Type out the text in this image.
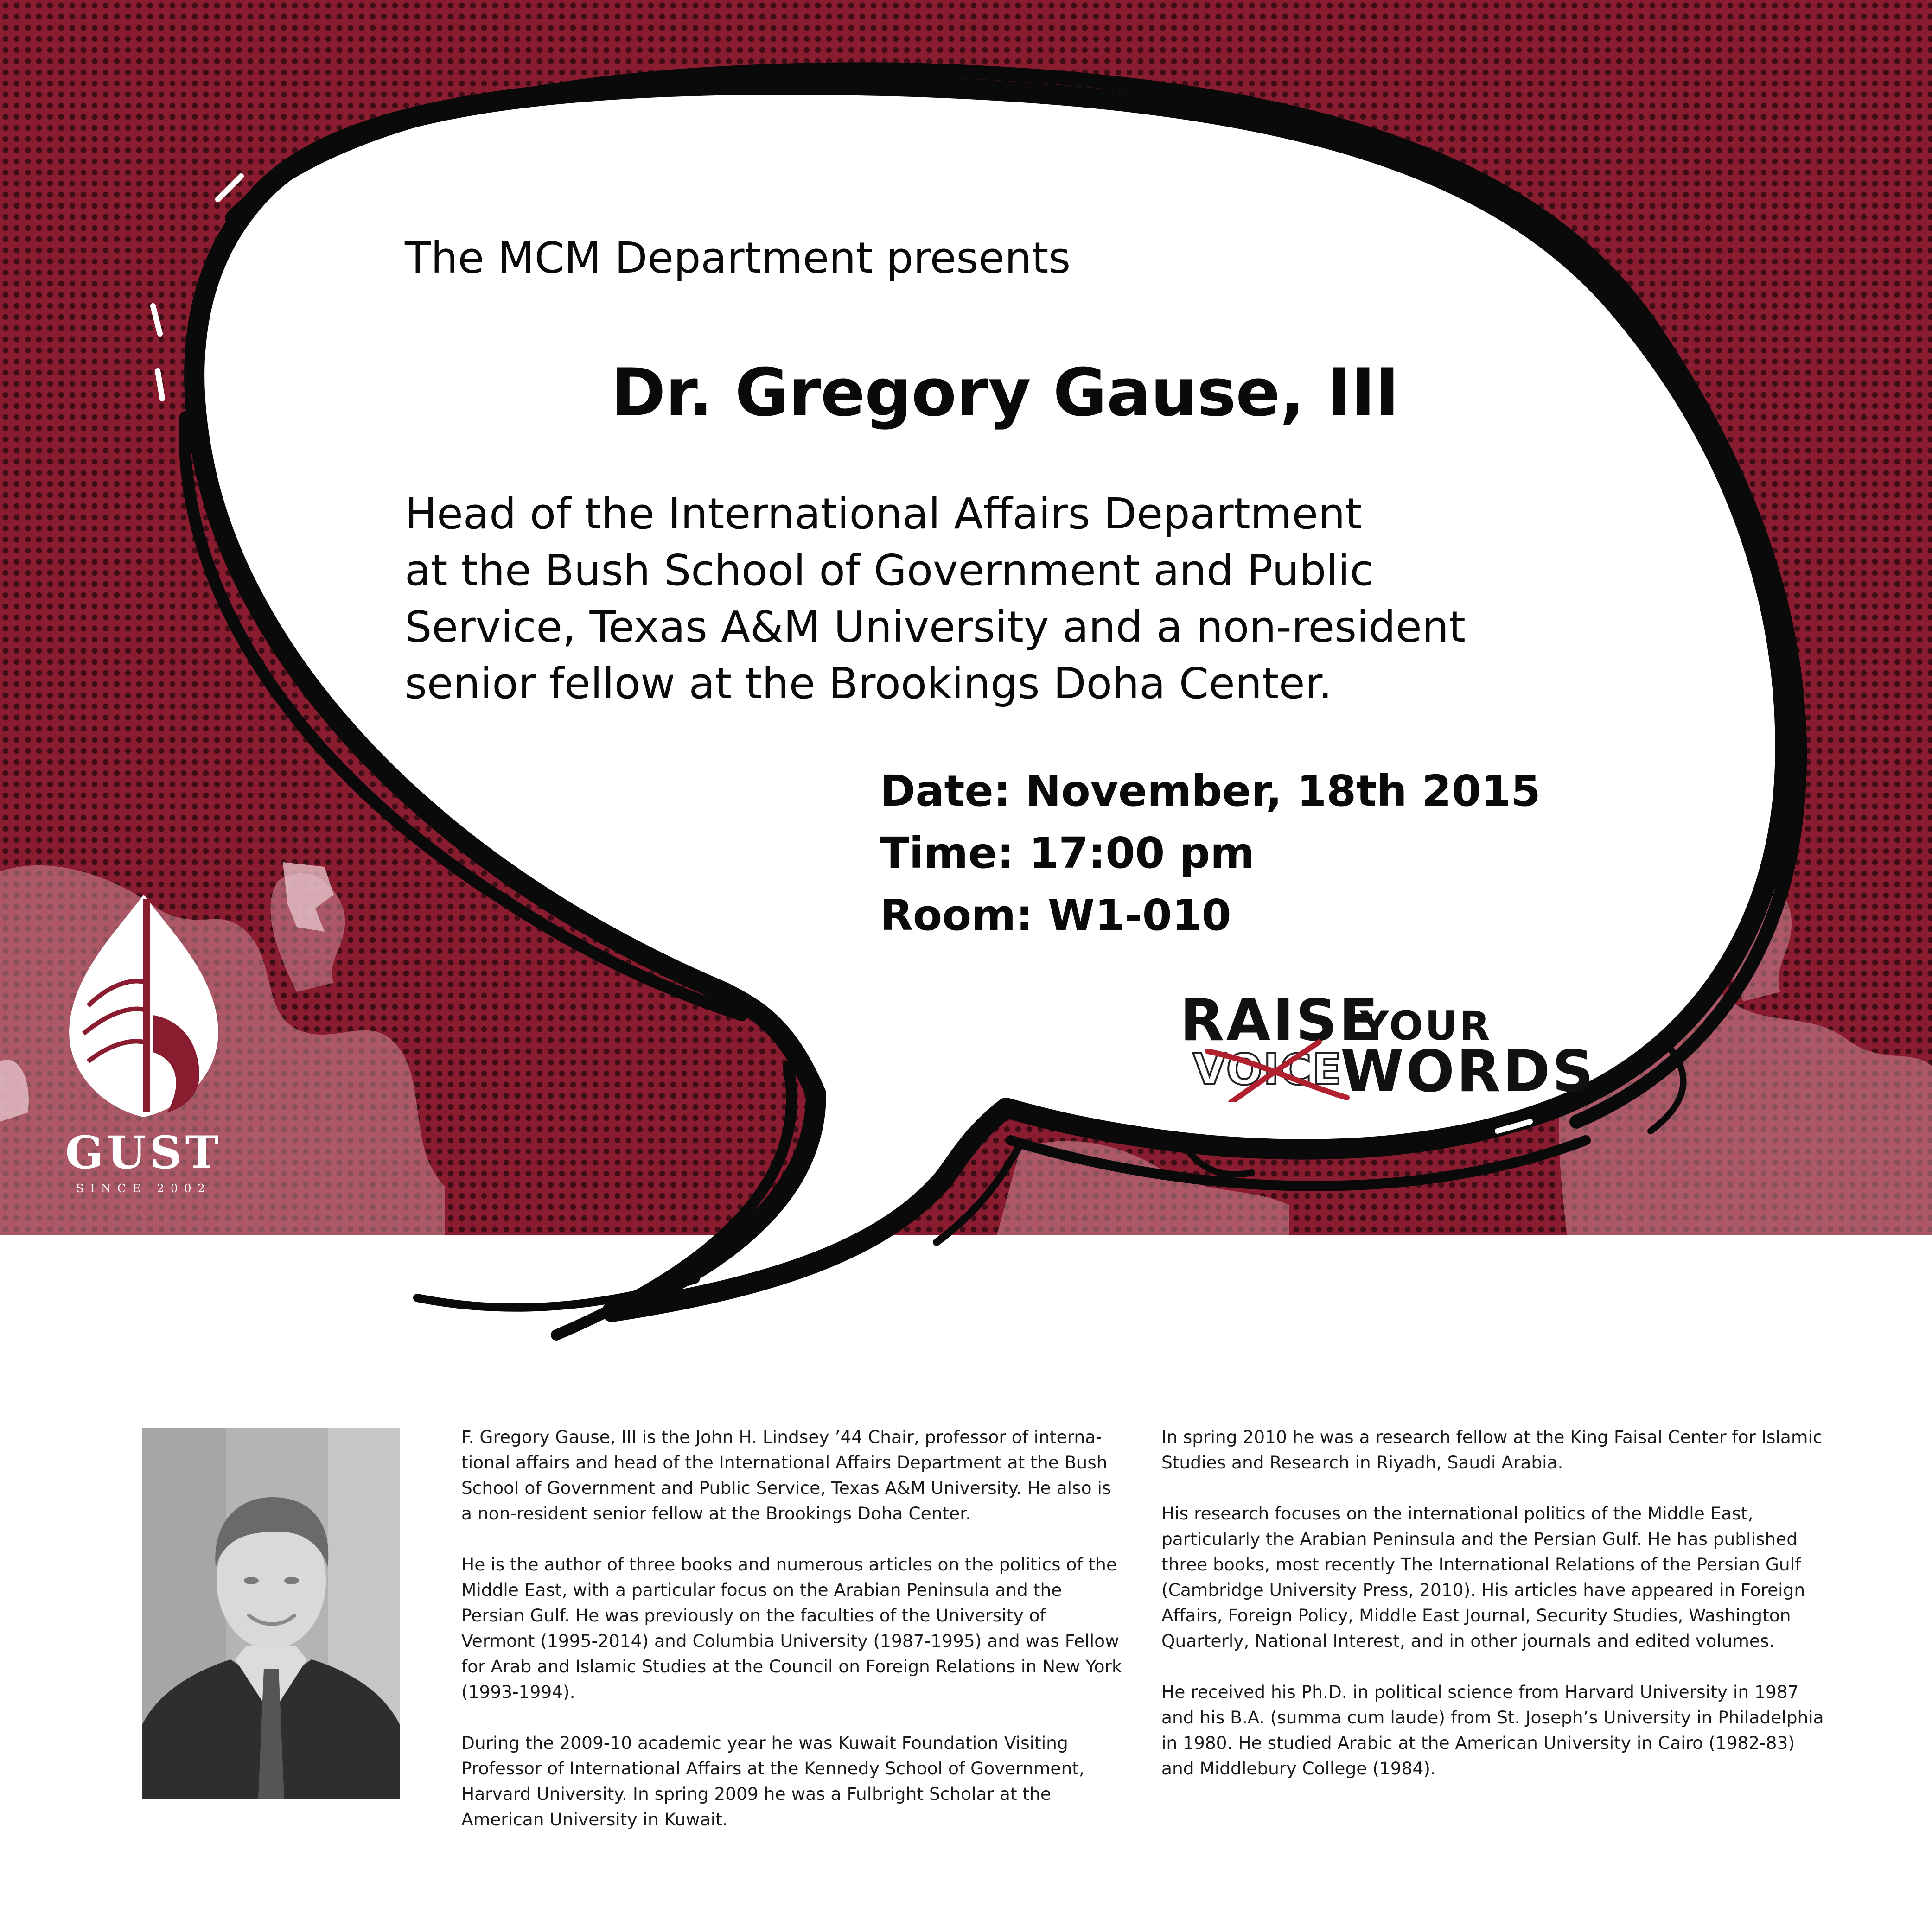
The MCM Department presents
Dr. Gregory Gause, III
Head of the International Affairs Department
at the Bush School of Government and Public
Service, Texas A&M University and a non-resident
senior fellow at the Brookings Doha Center.
Date: November, 18th 2015
Time: 17:00 pm
Room: W1-010
RAISE
YOUR
VOICE
WORDS
GUST
SINCE 2002

F. Gregory Gause, III is the John H. Lindsey ’44 Chair, professor of interna-tional affairs and head of the International Affairs Department at the Bush School of Government and Public Service, Texas A&M University. He also is a non-resident senior fellow at the Brookings Doha Center.

He is the author of three books and numerous articles on the politics of the Middle East, with a particular focus on the Arabian Peninsula and the Persian Gulf. He was previously on the faculties of the University of Vermont (1995-2014) and Columbia University (1987-1995) and was Fellow for Arab and Islamic Studies at the Council on Foreign Relations in New York (1993-1994).

During the 2009-10 academic year he was Kuwait Foundation Visiting Professor of International Affairs at the Kennedy School of Government, Harvard University. In spring 2009 he was a Fulbright Scholar at the American University in Kuwait.

In spring 2010 he was a research fellow at the King Faisal Center for Islamic Studies and Research in Riyadh, Saudi Arabia.

His research focuses on the international politics of the Middle East, particularly the Arabian Peninsula and the Persian Gulf. He has published three books, most recently The International Relations of the Persian Gulf (Cambridge University Press, 2010). His articles have appeared in Foreign Affairs, Foreign Policy, Middle East Journal, Security Studies, Washington Quarterly, National Interest, and in other journals and edited volumes.

He received his Ph.D. in political science from Harvard University in 1987 and his B.A. (summa cum laude) from St. Joseph’s University in Philadelphia in 1980. He studied Arabic at the American University in Cairo (1982-83) and Middlebury College (1984).
